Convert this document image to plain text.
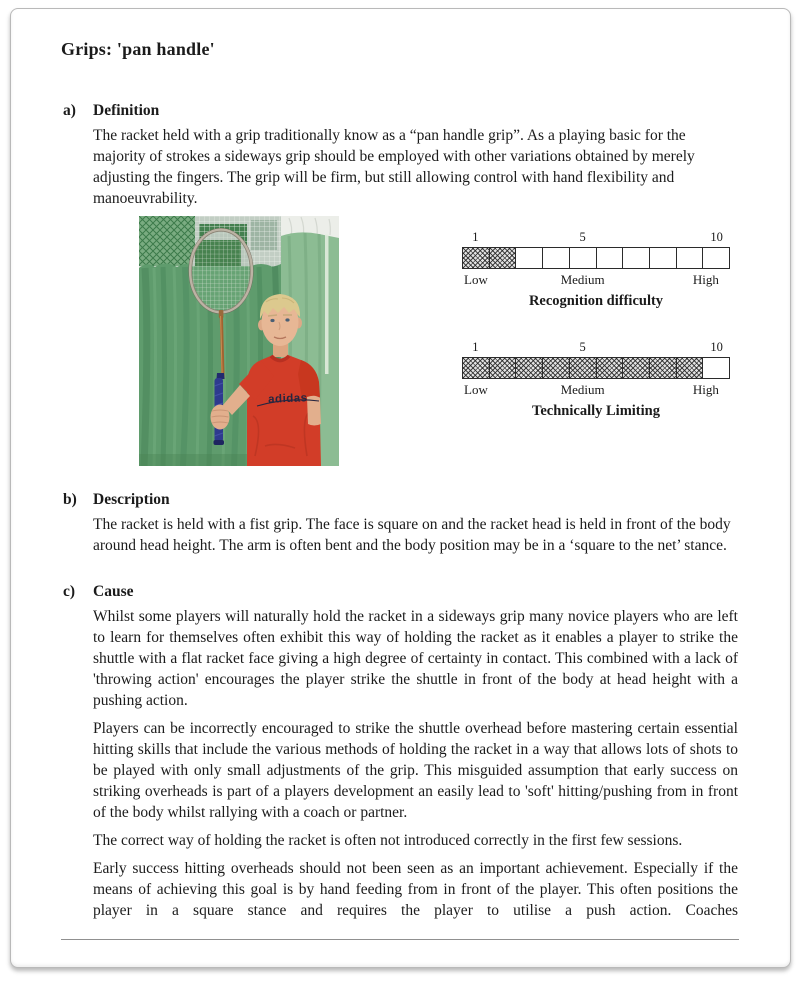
Grips: 'pan handle'
a)	Definition

The racket held with a grip traditionally know as a “pan handle grip”. As a playing basic for the majority of strokes a sideways grip should be employed with other variations obtained by merely adjusting the fingers. The grip will be firm, but still allowing control with hand flexibility and manoeuvrability.

adidas
1	5	10
Low	Medium	High
Recognition difficulty
1	5	10
Low	Medium	High
Technically Limiting
b)	Description

The racket is held with a fist grip. The face is square on and the racket head is held in front of the body around head height. The arm is often bent and the body position may be in a ‘square to the net’ stance.

c)	Cause

Whilst some players will naturally hold the racket in a sideways grip many novice players who are left to learn for themselves often exhibit this way of holding the racket as it enables a player to strike the shuttle with a flat racket face giving a high degree of certainty in contact. This combined with a lack of 'throwing action' encourages the player strike the shuttle in front of the body at head height with a pushing action.

Players can be incorrectly encouraged to strike the shuttle overhead before mastering certain essential hitting skills that include the various methods of holding the racket in a way that allows lots of shots to be played with only small adjustments of the grip. This misguided assumption that early success on striking overheads is part of a players development an easily lead to 'soft' hitting/pushing from in front of the body whilst rallying with a coach or partner.

The correct way of holding the racket is often not introduced correctly in the first few sessions.

Early success hitting overheads should not been seen as an important achievement. Especially if the means of achieving this goal is by hand feeding from in front of the player. This often positions the player in a square stance and requires the player to utilise a push action. Coaches
